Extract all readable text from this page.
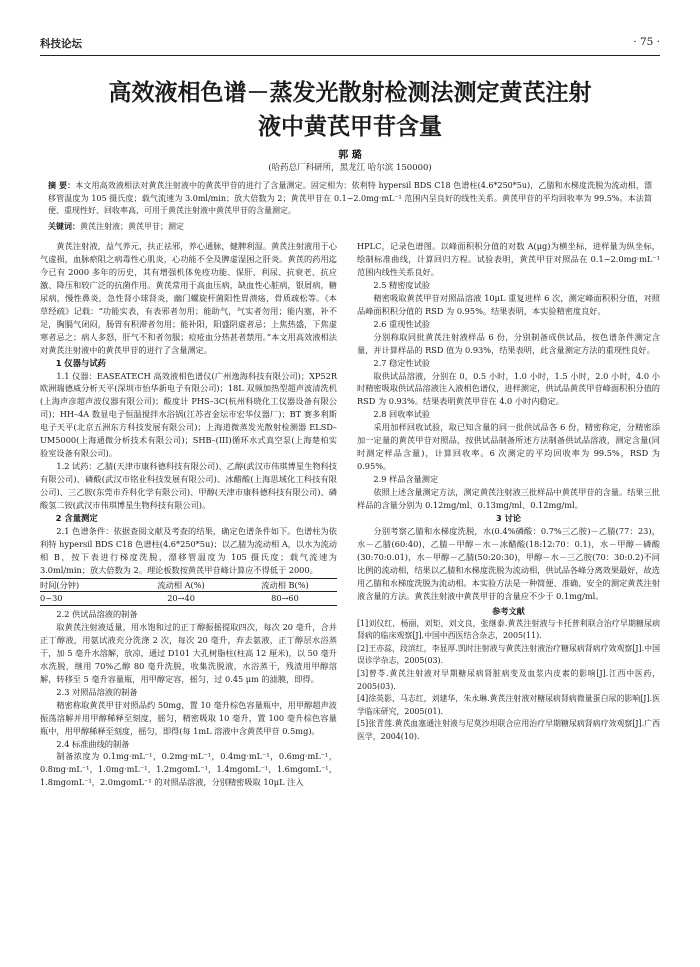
科技论坛	· 75 ·
高效液相色谱－蒸发光散射检测法测定黄芪注射
液中黄芪甲苷含量
郭 璐
(哈药总厂科研所，黑龙江 哈尔滨 150000)
摘 要：本文用高效液相法对黄芪注射液中的黄芪甲苷的进行了含量测定。固定相为：依利特 hypersil BDS C18 色谱柱(4.6*250*5u)，乙腈和水梯度洗脱为流动相，漂移管温度为 105 摄氏度；载气流速为 3.0ml/min；放大倍数为 2；黄芪甲苷在 0.1~2.0mg·mL⁻¹ 范围内呈良好的线性关系。黄芪甲苷的平均回收率为 99.5%。本法简便、重现性好、回收率高，可用于黄芪注射液中黄芪甲苷的含量测定。
关键词：黄芪注射液；黄芪甲苷；测定

黄芪注射液，益气养元，扶正祛邪，养心通脉，健脾利湿。黄芪注射液用于心气虚损，血脉瘀阻之病毒性心肌炎，心功能不全及脾虚湿困之肝炎。黄芪的药用迄今已有 2000 多年的历史，其有增强机体免疫功能、保肝、利尿、抗衰老、抗应激、降压和较广泛的抗菌作用。黄芪常用于高血压病，缺血性心脏病，银屑病，糖尿病，慢性鼻炎，急性肾小球肾炎，幽门螺旋杆菌阳性胃溃疡，骨质疏松等。《本草经疏》记载：“功能实表，有表邪者勿用；能助气，气实者勿用；能内塞，补不足，胸膈气闭闷，肠胃有积滞者勿用；能补阳，阳盛阴虚者忌；上焦热盛，下焦虚寒者忌之；病人多怒，肝气不和者勿服；痘疮血分热甚者禁用。”本文用高效液相法对黄芪注射液中的黄芪甲苷的进行了含量测定。

1 仪器与试药

1.1 仪器：EASEATECH 高效液相色谱仪(广州逸海科技有限公司)；XP52R 欧洲瑞德威分析天平(深圳市怡华新电子有限公司)；18L 双频加热型超声波清洗机(上海声彦超声波仪器有限公司)；酸度计 PHS–3C(杭州科晓化工仪器设备有限公司)；HH–4A 数显电子恒温搅拌水浴锅(江苏省金坛市宏华仪器厂)；BT 赛多利斯电子天平(北京五洲东方科技发展有限公司)；上海道微蒸发光散射检测器 ELSD–UM5000(上海通微分析技术有限公司)；SHB–(III)循环水式真空泵(上海楚柏实验室设备有限公司)。

1.2 试药：乙腈(天津市康科德科技有限公司)、乙醇(武汉市伟琪博星生物科技有限公司)、磷酸(武汉市铭业科技发展有限公司)、冰醋酸(上海思域化工科技有限公司)、三乙胺(东莞市乔科化学有限公司)、甲醇(天津市康科德科技有限公司)、磷酸氢二铵(武汉市伟琪博星生物科技有限公司)。

2 含量测定

2.1 色谱条件：依据查阅文献及考查的结果，确定色谱条件如下。色谱柱为依利特 hypersil BDS C18 色谱柱(4.6*250*5u)；以乙腈为流动相 A，以水为流动相 B，按下表进行梯度洗脱，漂移管温度为 105 摄氏度；载气流速为 3.0ml/min；放大倍数为 2。理论板数按黄芪甲苷峰计算应不得低于 2000。

时间(分钟)	流动相 A(%)	流动相 B(%)
0~30	20→40	80→60
2.2 供试品溶液的制备

取黄芪注射液适量，用水饱和过的正丁醇振摇提取四次，每次 20 毫升，合并正丁醇液，用氨试液充分洗涤 2 次，每次 20 毫升，弃去氨液，正丁醇层水浴蒸干，加 5 毫升水溶解，放凉，通过 D101 大孔树脂柱(柱高 12 厘米)，以 50 毫升水洗脱，继用 70%乙醇 80 毫升洗脱，收集洗脱液，水浴蒸干，残渣用甲醇溶解，转移至 5 毫升容量瓶，用甲醇定容，摇匀，过 0.45 μm 的滤膜，即得。

2.3 对照品溶液的制备

精密称取黄芪甲苷对照品约 50mg，置 10 毫升棕色容量瓶中，用甲醇超声波振荡溶解并用甲醇稀释至刻度，摇匀，精密吸取 10 毫升，置 100 毫升棕色容量瓶中，用甲醇稀释至刻度，摇匀，即得(每 1mL 溶液中含黄芪甲苷 0.5mg)。

2.4 标准曲线的制备

制备浓度为 0.1mg·mL⁻¹，0.2mg·mL⁻¹，0.4mg·mL⁻¹，0.6mg·mL⁻¹，0.8mg·mL⁻¹，1.0mg·mL⁻¹，1.2mgomL⁻¹，1.4mgomL⁻¹，1.6mgomL⁻¹，1.8mgomL⁻¹，2.0mgomL⁻¹ 的对照品溶液，分别精密吸取 10μL 注入

HPLC，记录色谱图。以峰面积积分值的对数 A(μg)为横坐标，进样量为纵坐标，绘制标准曲线，计算回归方程。试验表明，黄芪甲苷对照品在 0.1~2.0mg·mL⁻¹ 范围内线性关系良好。

2.5 精密度试验

精密吸取黄芪甲苷对照品溶液 10μL 重复进样 6 次，测定峰面积积分值，对照品峰面积积分值的 RSD 为 0.95%。结果表明，本实验精密度良好。

2.6 重现性试验

分别称取同批黄芪注射液样品 6 份，分别制备成供试品，按色谱条件测定含量，并计算样品的 RSD 值为 0.93%，结果表明，此含量测定方法的重现性良好。

2.7 稳定性试验

取供试品溶液，分别在 0，0.5 小时，1.0 小时，1.5 小时，2.0 小时，4.0 小时精密吸取供试品溶液注入液相色谱仪，进样测定，供试品黄芪甲苷峰面积积分值的 RSD 为 0.93%。结果表明黄芪甲苷在 4.0 小时内稳定。

2.8 回收率试验

采用加样回收试验，取已知含量的同一批供试品各 6 份，精密称定，分精密添加一定量的黄芪甲苷对照品，按供试品制备所述方法制备供试品溶液，测定含量(同时测定样品含量)，计算回收率。6 次测定的平均回收率为 99.5%，RSD 为 0.95%。

2.9 样品含量测定

依照上述含量测定方法，测定黄芪注射液三批样品中黄芪甲苷的含量。结果三批样品的含量分别为 0.12mg/ml、0.13mg/ml、0.12mg/ml。

3 讨论

分别考察乙腈和水梯度洗脱，水(0.4%磷酸：0.7%三乙胺)－乙腈(77：23)，水－乙腈(60:40)，乙腈－甲醇－水－冰醋酸(18:12:70：0.1)，水－甲醇－磷酸(30:70:0.01)，水－甲醇－乙腈(50:20:30)，甲醇－水－三乙胺(70：30:0.2)不同比例的流动相，结果以乙腈和水梯度洗脱为流动相，供试品各峰分离效果最好，故选用乙腈和水梯度洗脱为流动相。本实验方法是一种简便、准确、安全的测定黄芪注射液含量的方法。黄芪注射液中黄芪甲苷的含量应不少于 0.1mg/ml。

参考文献
[1]刘仪红，杨丽，刘矩，刘文良，张继泰.黄芪注射液与卡托普利联合治疗早期糖尿病肾病的临床观察[J].中国中西医结合杂志，2005(11).
[2]王亦蕊，段滨红，李显厚.凯时注射液与黄芪注射液治疗糖尿病肾病疗效观察[J].中国误诊学杂志，2005(03).
[3]曾苓.黄芪注射液对早期糖尿病肾脏病变及血浆内皮素的影响[J].江西中医药，2005(03).
[4]徐英影，马志红，刘建华，朱永琳.黄芪注射液对糖尿病肾病微量蛋白尿的影响[J].医学临床研究，2005(01).
[5]张青莲.黄芪血塞通注射液与尼莫沙坦联合应用治疗早期糖尿病肾病疗效观察[J].广西医学，2004(10).
